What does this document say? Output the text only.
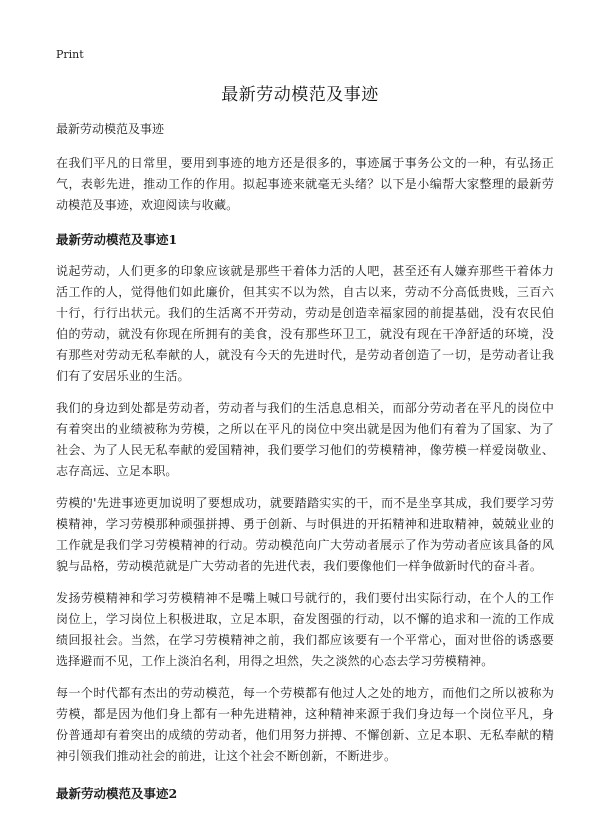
Print
最新劳动模范及事迹
最新劳动模范及事迹

在我们平凡的日常里，要用到事迹的地方还是很多的，事迹属于事务公文的一种，有弘扬正气，表彰先进，推动工作的作用。拟起事迹来就毫无头绪？以下是小编帮大家整理的最新劳动模范及事迹，欢迎阅读与收藏。

最新劳动模范及事迹1

说起劳动，人们更多的印象应该就是那些干着体力活的人吧，甚至还有人嫌弃那些干着体力活工作的人，觉得他们如此廉价，但其实不以为然，自古以来，劳动不分高低贵贱，三百六十行，行行出状元。我们的生活离不开劳动，劳动是创造幸福家园的前提基础，没有农民伯伯的劳动，就没有你现在所拥有的美食，没有那些环卫工，就没有现在干净舒适的环境，没有那些对劳动无私奉献的人，就没有今天的先进时代，是劳动者创造了一切，是劳动者让我们有了安居乐业的生活。

我们的身边到处都是劳动者，劳动者与我们的生活息息相关，而部分劳动者在平凡的岗位中有着突出的业绩被称为劳模，之所以在平凡的岗位中突出就是因为他们有着为了国家、为了社会、为了人民无私奉献的爱国精神，我们要学习他们的劳模精神，像劳模一样爱岗敬业、志存高远、立足本职。

劳模的'先进事迹更加说明了要想成功，就要踏踏实实的干，而不是坐享其成，我们要学习劳模精神，学习劳模那种顽强拼搏、勇于创新、与时俱进的开拓精神和进取精神，兢兢业业的工作就是我们学习劳模精神的行动。劳动模范向广大劳动者展示了作为劳动者应该具备的风貌与品格，劳动模范就是广大劳动者的先进代表，我们要像他们一样争做新时代的奋斗者。

发扬劳模精神和学习劳模精神不是嘴上喊口号就行的，我们要付出实际行动，在个人的工作岗位上，学习岗位上积极进取，立足本职，奋发图强的行动，以不懈的追求和一流的工作成绩回报社会。当然，在学习劳模精神之前，我们都应该要有一个平常心，面对世俗的诱惑要选择避而不见，工作上淡泊名利，用得之坦然，失之淡然的心态去学习劳模精神。

每一个时代都有杰出的劳动模范，每一个劳模都有他过人之处的地方，而他们之所以被称为劳模，都是因为他们身上都有一种先进精神，这种精神来源于我们身边每一个岗位平凡，身份普通却有着突出的成绩的劳动者，他们用努力拼搏、不懈创新、立足本职、无私奉献的精神引领我们推动社会的前进，让这个社会不断创新，不断进步。

最新劳动模范及事迹2
